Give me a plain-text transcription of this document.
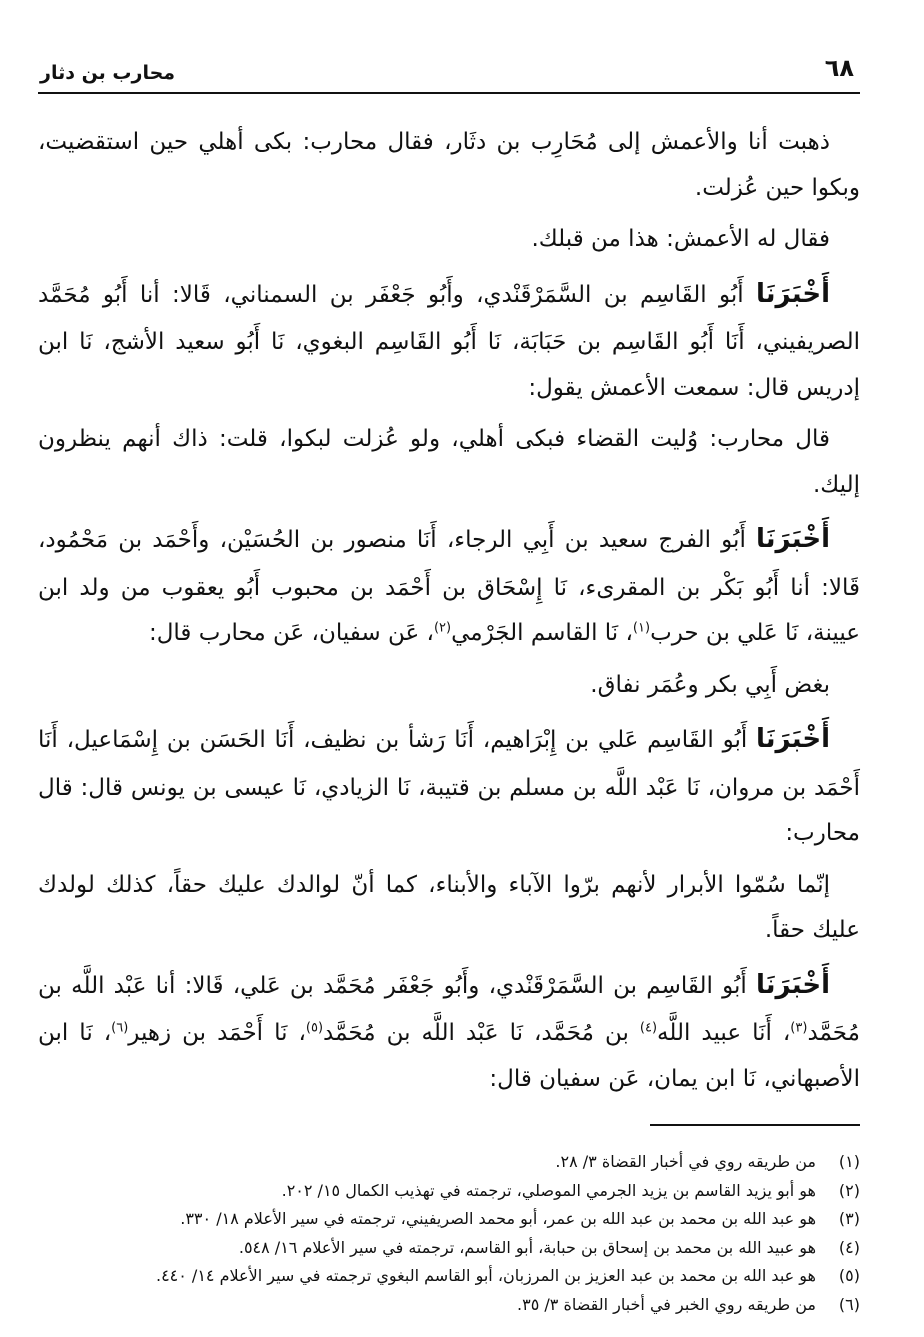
٦٨
محارب بن دثار

ذهبت أنا والأعمش إلى مُحَارِب بن دثَار، فقال محارب: بكى أهلي حين استقضيت، وبكوا حين عُزلت.

فقال له الأعمش: هذا من قبلك.

أَخْبَرَنَا أَبُو القَاسِم بن السَّمَرْقَنْدي، وأَبُو جَعْفَر بن السمناني، قَالا: أنا أَبُو مُحَمَّد الصريفيني، أَنَا أَبُو القَاسِم بن حَبَابَة، نَا أَبُو القَاسِم البغوي، نَا أَبُو سعيد الأشج، نَا ابن إدريس قال: سمعت الأعمش يقول:

قال محارب: وُليت القضاء فبكى أهلي، ولو عُزلت لبكوا، قلت: ذاك أنهم ينظرون إليك.

أَخْبَرَنَا أَبُو الفرج سعيد بن أَبِي الرجاء، أَنَا منصور بن الحُسَيْن، وأَحْمَد بن مَحْمُود، قَالا: أنا أَبُو بَكْر بن المقرىء، نَا إِسْحَاق بن أَحْمَد بن محبوب أَبُو يعقوب من ولد ابن عيينة، نَا عَلي بن حرب$^{(١)}$، نَا القاسم الجَرْمي$^{(٢)}$، عَن سفيان، عَن محارب قال:

بغض أَبِي بكر وعُمَر نفاق.

أَخْبَرَنَا أَبُو القَاسِم عَلي بن إِبْرَاهيم، أَنَا رَشأ بن نظيف، أَنَا الحَسَن بن إِسْمَاعيل، أَنَا أَحْمَد بن مروان، نَا عَبْد اللَّه بن مسلم بن قتيبة، نَا الزيادي، نَا عيسى بن يونس قال: قال محارب:

إنّما سُمّوا الأبرار لأنهم برّوا الآباء والأبناء، كما أنّ لوالدك عليك حقاً، كذلك لولدك عليك حقاً.

أَخْبَرَنَا أَبُو القَاسِم بن السَّمَرْقَنْدي، وأَبُو جَعْفَر مُحَمَّد بن عَلي، قَالا: أنا عَبْد اللَّه بن مُحَمَّد$^{(٣)}$، أَنَا عبيد اللَّه$^{(٤)}$ بن مُحَمَّد، نَا عَبْد اللَّه بن مُحَمَّد$^{(٥)}$، نَا أَحْمَد بن زهير$^{(٦)}$، نَا ابن الأصبهاني، نَا ابن يمان، عَن سفيان قال:

(١)
من طريقه روي في أخبار القضاة ٣/ ٢٨.
(٢)
هو أبو يزيد القاسم بن يزيد الجرمي الموصلي، ترجمته في تهذيب الكمال ١٥/ ٢٠٢.
(٣)
هو عبد الله بن محمد بن عبد الله بن عمر، أبو محمد الصريفيني، ترجمته في سير الأعلام ١٨/ ٣٣٠.
(٤)
هو عبيد الله بن محمد بن إسحاق بن حبابة، أبو القاسم، ترجمته في سير الأعلام ١٦/ ٥٤٨.
(٥)
هو عبد الله بن محمد بن عبد العزيز بن المرزبان، أبو القاسم البغوي ترجمته في سير الأعلام ١٤/ ٤٤٠.
(٦)
من طريقه روي الخبر في أخبار القضاة ٣/ ٣٥.
